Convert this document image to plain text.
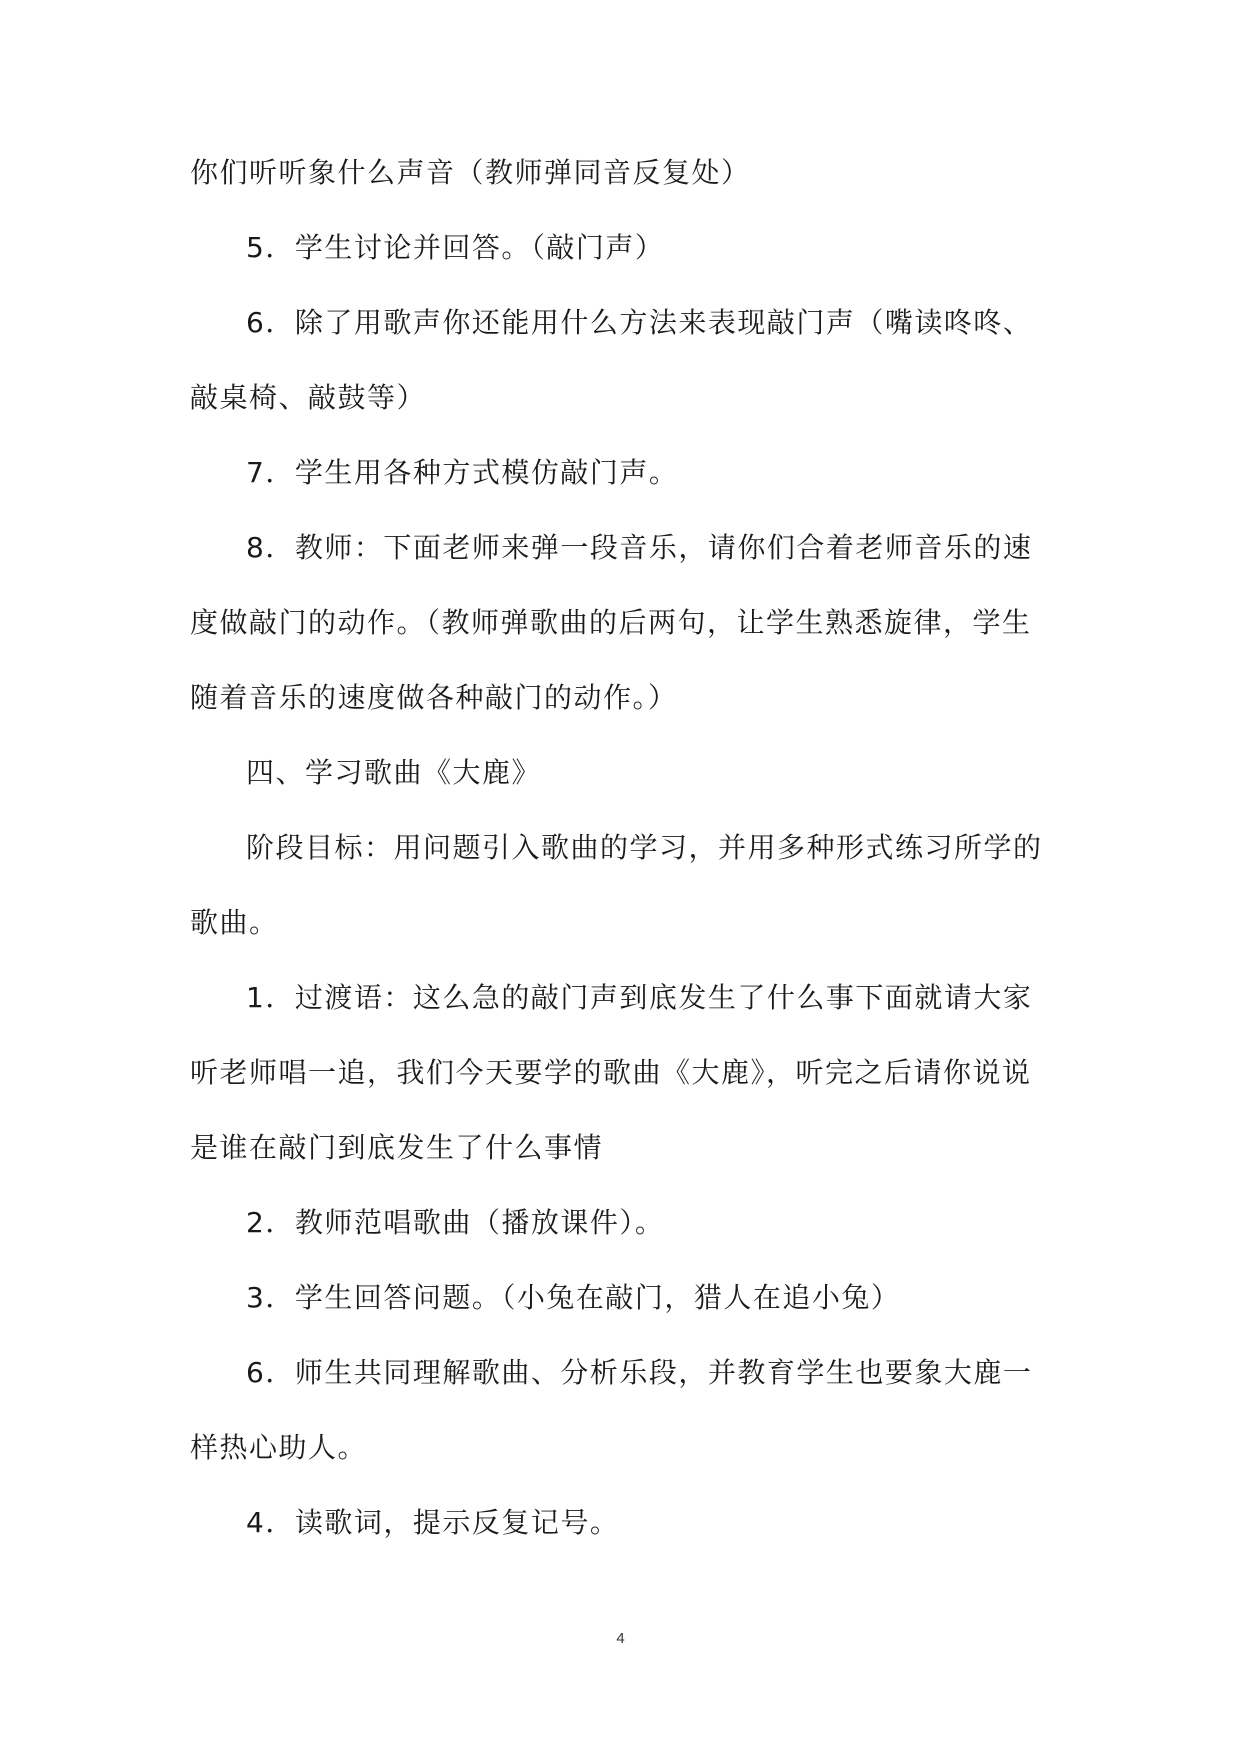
你们听听象什么声音（教师弹同音反复处）

5．学生讨论并回答。（敲门声）

6．除了用歌声你还能用什么方法来表现敲门声（嘴读咚咚、敲桌椅、敲鼓等）

7．学生用各种方式模仿敲门声。

8．教师：下面老师来弹一段音乐，请你们合着老师音乐的速度做敲门的动作。（教师弹歌曲的后两句，让学生熟悉旋律，学生随着音乐的速度做各种敲门的动作。）

四、学习歌曲《大鹿》

阶段目标：用问题引入歌曲的学习，并用多种形式练习所学的歌曲。

1．过渡语：这么急的敲门声到底发生了什么事下面就请大家听老师唱一追，我们今天要学的歌曲《大鹿》，听完之后请你说说是谁在敲门到底发生了什么事情

2．教师范唱歌曲（播放课件）。

3．学生回答问题。（小兔在敲门，猎人在追小兔）

6．师生共同理解歌曲、分析乐段，并教育学生也要象大鹿一样热心助人。

4．读歌词，提示反复记号。

4
